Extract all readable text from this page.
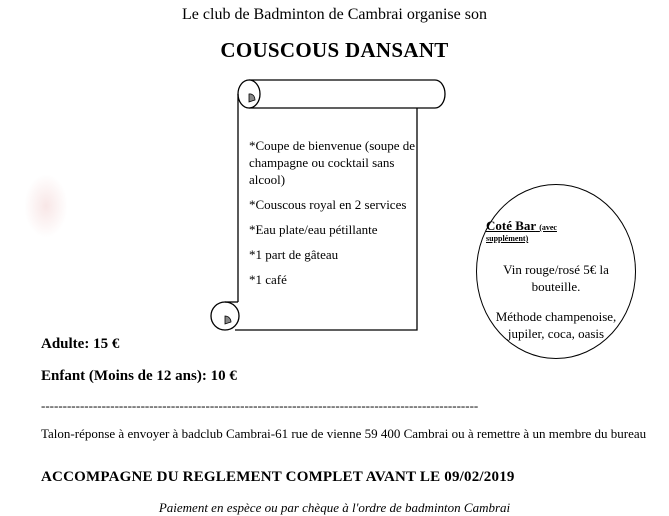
Le club de Badminton de Cambrai organise son
COUSCOUS DANSANT

*Coupe de bienvenue (soupe de champagne ou cocktail sans alcool)

*Couscous royal en 2 services

*Eau plate/eau pétillante

*1 part de gâteau

*1 café

Coté Bar (avec
supplément)
Vin rouge/rosé 5€ la
bouteille.
Méthode champenoise,
jupiler, coca, oasis
Adulte: 15 €
Enfant (Moins de 12 ans): 10 €
-----------------------------------------------------------------------------------------------------
Talon-réponse à envoyer à badclub Cambrai-61 rue de vienne 59 400 Cambrai ou à remettre à un membre du bureau
ACCOMPAGNE DU REGLEMENT COMPLET AVANT LE 09/02/2019
Paiement en espèce ou par chèque à l'ordre de badminton Cambrai
